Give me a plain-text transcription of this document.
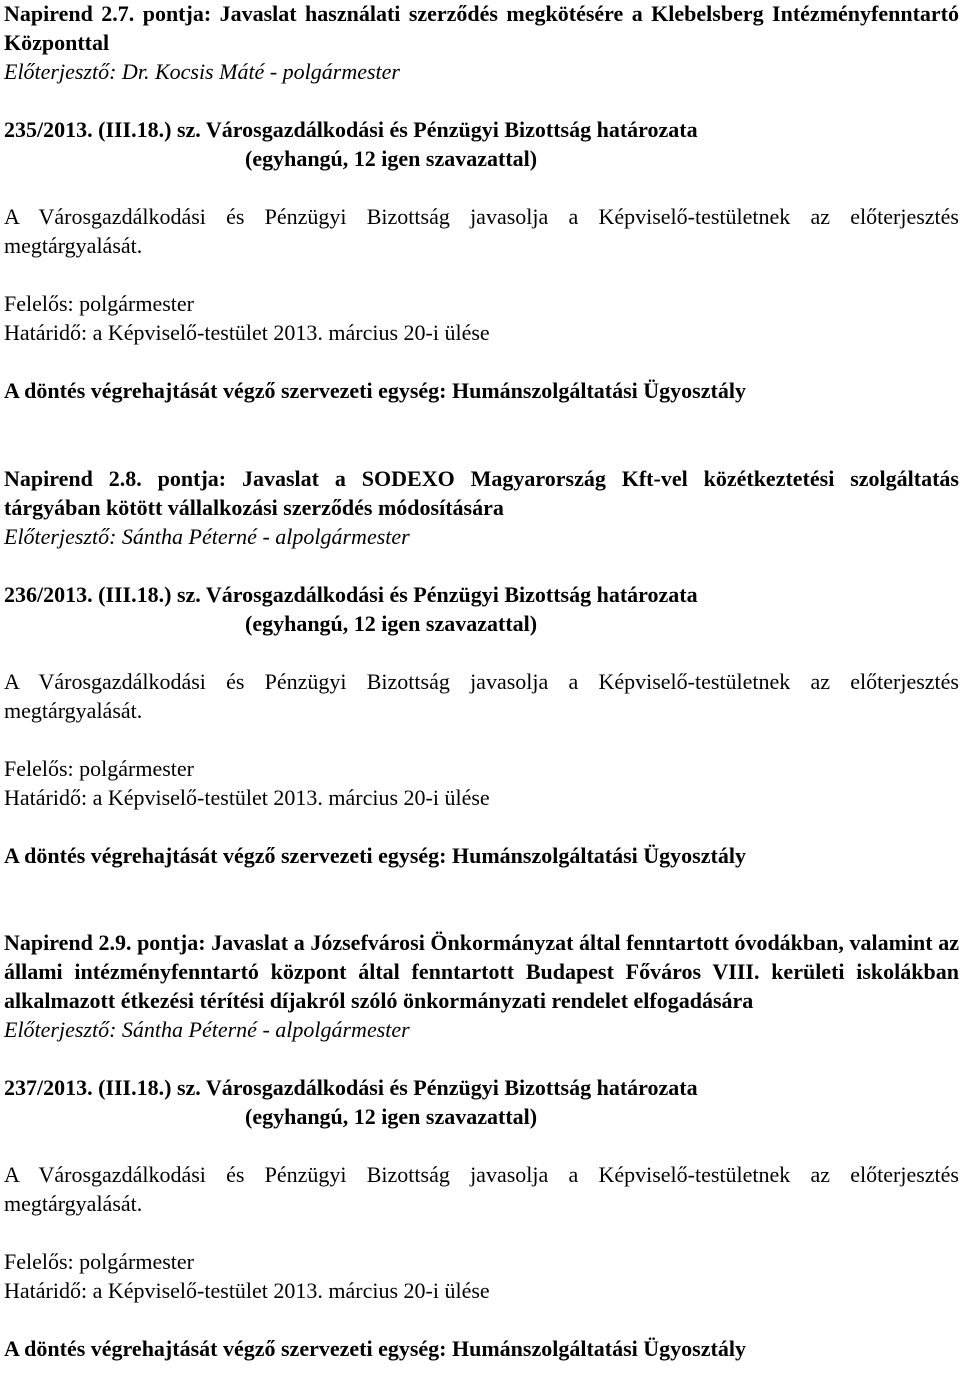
Napirend 2.7. pontja: Javaslat használati szerződés megkötésére a Klebelsberg Intézményfenntartó Központtal
Előterjesztő: Dr. Kocsis Máté - polgármester
235/2013. (III.18.) sz. Városgazdálkodási és Pénzügyi Bizottság határozata
(egyhangú, 12 igen szavazattal)
A Városgazdálkodási és Pénzügyi Bizottság javasolja a Képviselő-testületnek az előterjesztés megtárgyalását.
Felelős: polgármester
Határidő: a Képviselő-testület 2013. március 20-i ülése
A döntés végrehajtását végző szervezeti egység: Humánszolgáltatási Ügyosztály
Napirend 2.8. pontja: Javaslat a SODEXO Magyarország Kft-vel közétkeztetési szolgáltatás tárgyában kötött vállalkozási szerződés módosítására
Előterjesztő: Sántha Péterné - alpolgármester
236/2013. (III.18.) sz. Városgazdálkodási és Pénzügyi Bizottság határozata
(egyhangú, 12 igen szavazattal)
A Városgazdálkodási és Pénzügyi Bizottság javasolja a Képviselő-testületnek az előterjesztés megtárgyalását.
Felelős: polgármester
Határidő: a Képviselő-testület 2013. március 20-i ülése
A döntés végrehajtását végző szervezeti egység: Humánszolgáltatási Ügyosztály
Napirend 2.9. pontja: Javaslat a Józsefvárosi Önkormányzat által fenntartott óvodákban, valamint az állami intézményfenntartó központ által fenntartott Budapest Főváros VIII. kerületi iskolákban alkalmazott étkezési térítési díjakról szóló önkormányzati rendelet elfogadására
Előterjesztő: Sántha Péterné - alpolgármester
237/2013. (III.18.) sz. Városgazdálkodási és Pénzügyi Bizottság határozata
(egyhangú, 12 igen szavazattal)
A Városgazdálkodási és Pénzügyi Bizottság javasolja a Képviselő-testületnek az előterjesztés megtárgyalását.
Felelős: polgármester
Határidő: a Képviselő-testület 2013. március 20-i ülése
A döntés végrehajtását végző szervezeti egység: Humánszolgáltatási Ügyosztály
